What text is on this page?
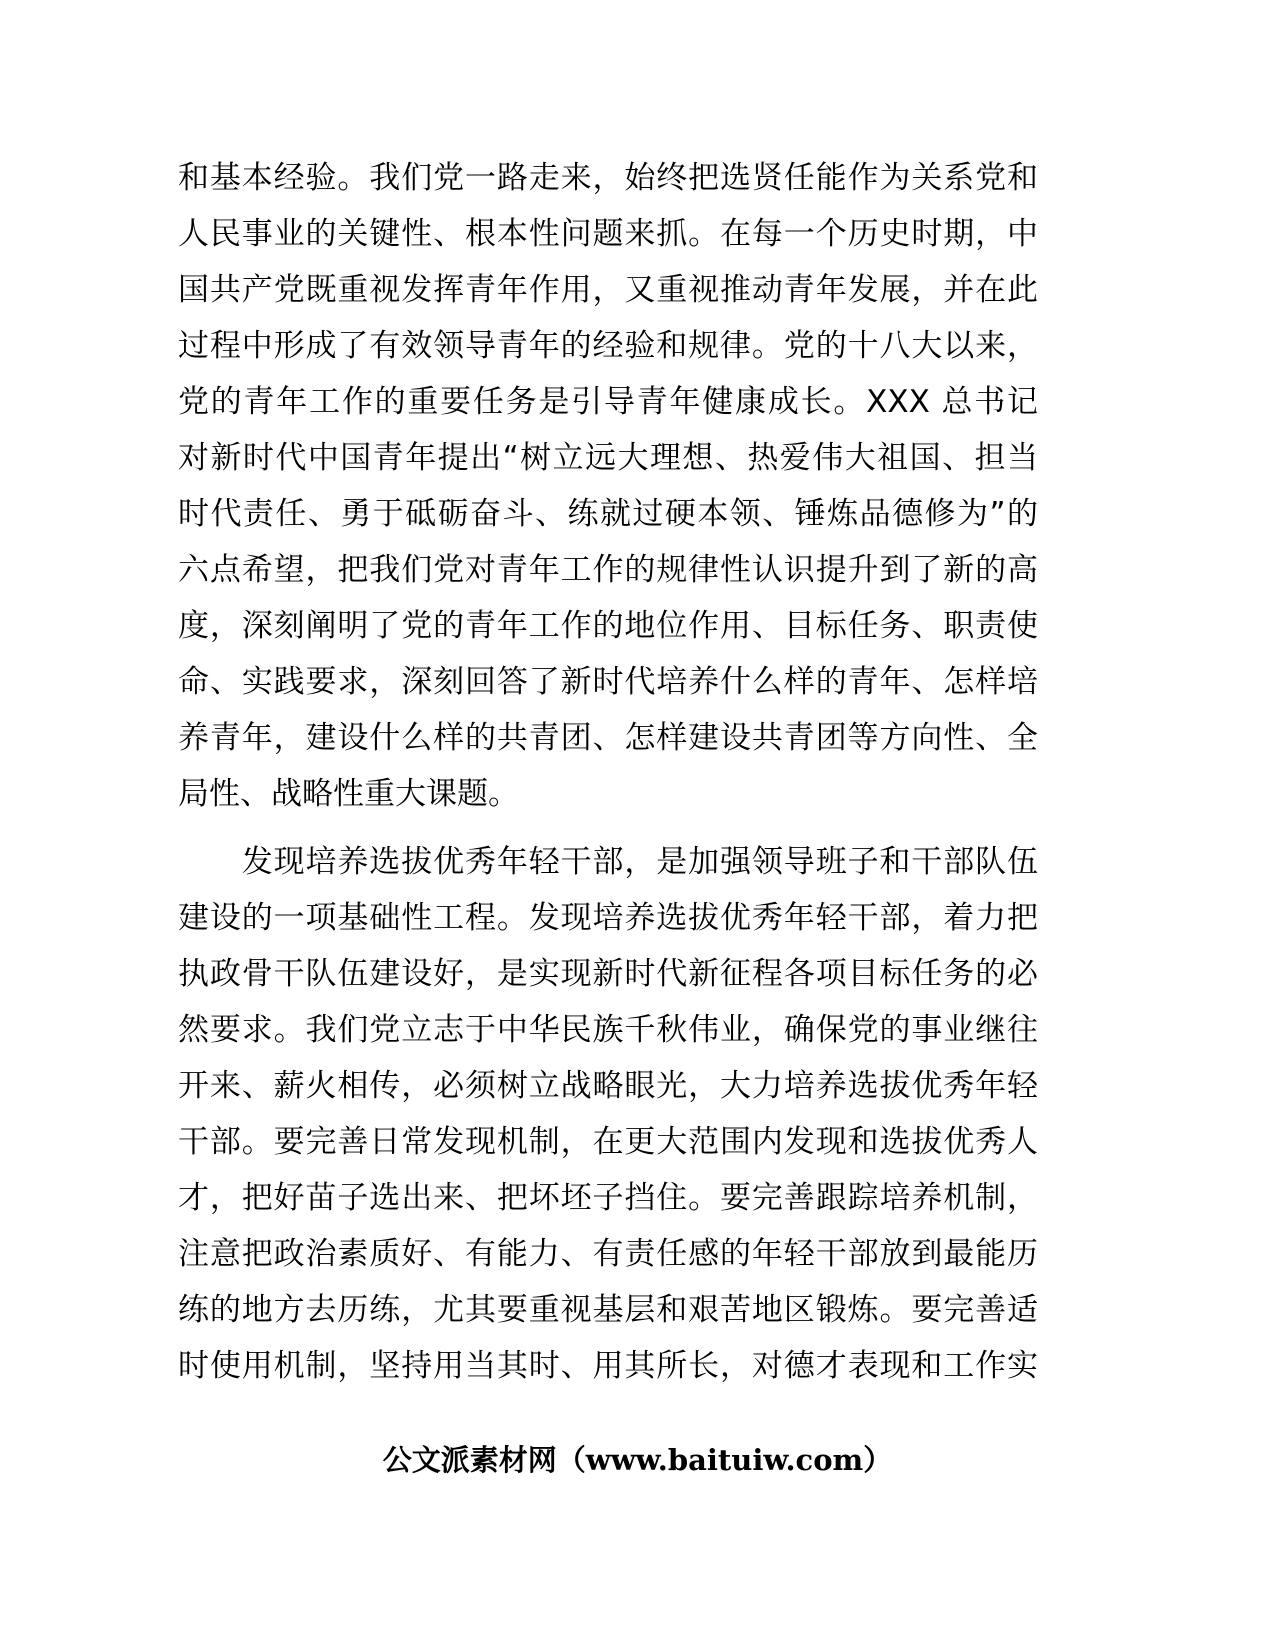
和基本经验。我们党一路走来，始终把选贤任能作为关系党和
人民事业的关键性、根本性问题来抓。在每一个历史时期，中
国共产党既重视发挥青年作用，又重视推动青年发展，并在此
过程中形成了有效领导青年的经验和规律。党的十八大以来，
党的青年工作的重要任务是引导青年健康成长。XXX 总书记
对新时代中国青年提出“树立远大理想、热爱伟大祖国、担当
时代责任、勇于砥砺奋斗、练就过硬本领、锤炼品德修为”的
六点希望，把我们党对青年工作的规律性认识提升到了新的高
度，深刻阐明了党的青年工作的地位作用、目标任务、职责使
命、实践要求，深刻回答了新时代培养什么样的青年、怎样培
养青年，建设什么样的共青团、怎样建设共青团等方向性、全
局性、战略性重大课题。
　　发现培养选拔优秀年轻干部，是加强领导班子和干部队伍
建设的一项基础性工程。发现培养选拔优秀年轻干部，着力把
执政骨干队伍建设好，是实现新时代新征程各项目标任务的必
然要求。我们党立志于中华民族千秋伟业，确保党的事业继往
开来、薪火相传，必须树立战略眼光，大力培养选拔优秀年轻
干部。要完善日常发现机制，在更大范围内发现和选拔优秀人
才，把好苗子选出来、把坏坯子挡住。要完善跟踪培养机制，
注意把政治素质好、有能力、有责任感的年轻干部放到最能历
练的地方去历练，尤其要重视基层和艰苦地区锻炼。要完善适
时使用机制，坚持用当其时、用其所长，对德才表现和工作实
公文派素材网（www.baituiw.com）
